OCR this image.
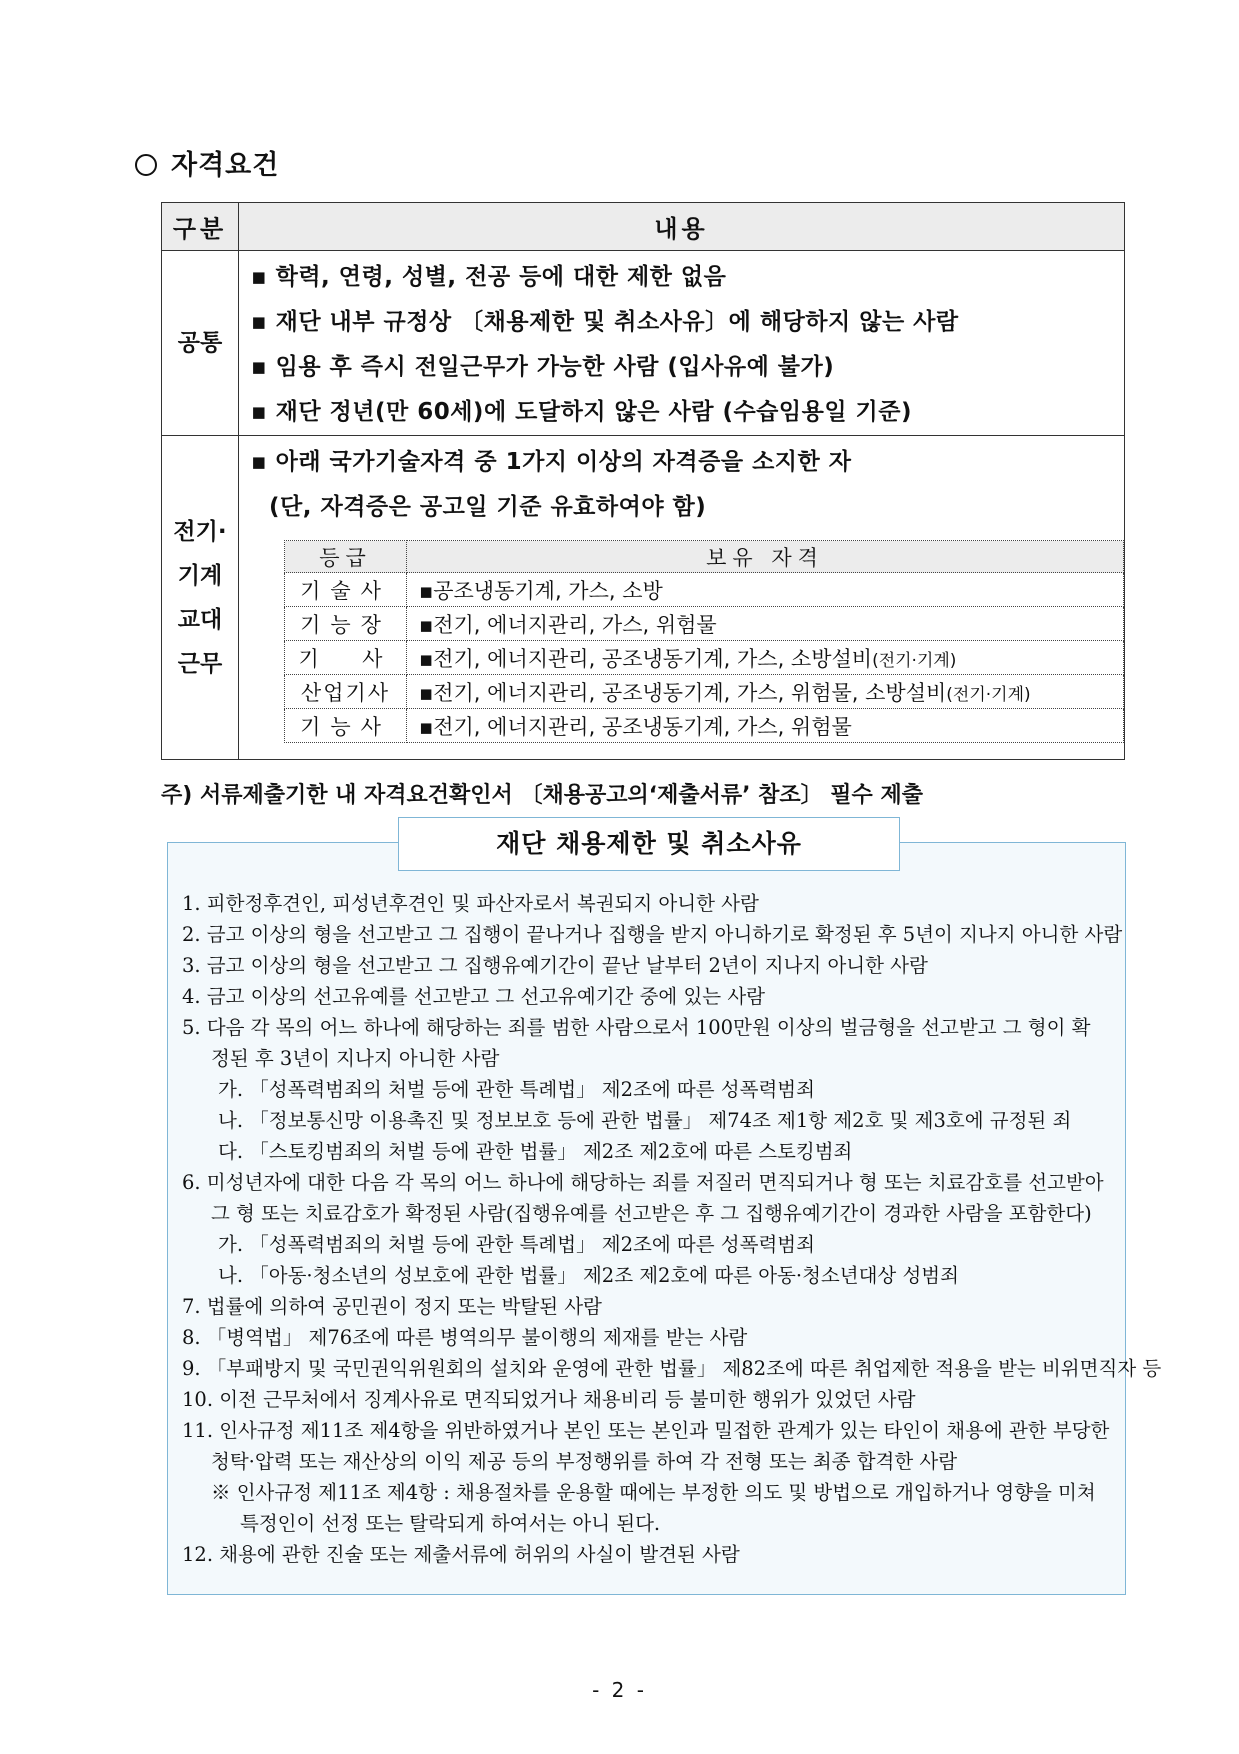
자격요건
구분	내용
공통	
▪ 학력, 연령, 성별, 전공 등에 대한 제한 없음
▪ 재단 내부 규정상 〔채용제한 및 취소사유〕에 해당하지 않는 사람
▪ 임용 후 즉시 전일근무가 가능한 사람 (입사유예 불가)
▪ 재단 정년(만 60세)에 도달하지 않은 사람 (수습임용일 기준)

전기·
기계
교대
근무

▪ 아래 국가기술자격 중 1가지 이상의 자격증을 소지한 자
(단, 자격증은 공고일 기준 유효하여야 함)
등급	보유 자격
기술사	▪공조냉동기계, 가스, 소방
기능장	▪전기, 에너지관리, 가스, 위험물
기  사	▪전기, 에너지관리, 공조냉동기계, 가스, 소방설비(전기·기계)
산업기사	▪전기, 에너지관리, 공조냉동기계, 가스, 위험물, 소방설비(전기·기계)
기능사	▪전기, 에너지관리, 공조냉동기계, 가스, 위험물
주) 서류제출기한 내 자격요건확인서 〔채용공고의‘제출서류’ 참조〕 필수 제출
재단 채용제한 및 취소사유
1. 피한정후견인, 피성년후견인 및 파산자로서 복권되지 아니한 사람
2. 금고 이상의 형을 선고받고 그 집행이 끝나거나 집행을 받지 아니하기로 확정된 후 5년이 지나지 아니한 사람
3. 금고 이상의 형을 선고받고 그 집행유예기간이 끝난 날부터 2년이 지나지 아니한 사람
4. 금고 이상의 선고유예를 선고받고 그 선고유예기간 중에 있는 사람
5. 다음 각 목의 어느 하나에 해당하는 죄를 범한 사람으로서 100만원 이상의 벌금형을 선고받고 그 형이 확
정된 후 3년이 지나지 아니한 사람
가. 「성폭력범죄의 처벌 등에 관한 특례법」 제2조에 따른 성폭력범죄
나. 「정보통신망 이용촉진 및 정보보호 등에 관한 법률」 제74조 제1항 제2호 및 제3호에 규정된 죄
다. 「스토킹범죄의 처벌 등에 관한 법률」 제2조 제2호에 따른 스토킹범죄
6. 미성년자에 대한 다음 각 목의 어느 하나에 해당하는 죄를 저질러 면직되거나 형 또는 치료감호를 선고받아
그 형 또는 치료감호가 확정된 사람(집행유예를 선고받은 후 그 집행유예기간이 경과한 사람을 포함한다)
가. 「성폭력범죄의 처벌 등에 관한 특례법」 제2조에 따른 성폭력범죄
나. 「아동·청소년의 성보호에 관한 법률」 제2조 제2호에 따른 아동·청소년대상 성범죄
7. 법률에 의하여 공민권이 정지 또는 박탈된 사람
8. 「병역법」 제76조에 따른 병역의무 불이행의 제재를 받는 사람
9. 「부패방지 및 국민권익위원회의 설치와 운영에 관한 법률」 제82조에 따른 취업제한 적용을 받는 비위면직자 등
10. 이전 근무처에서 징계사유로 면직되었거나 채용비리 등 불미한 행위가 있었던 사람
11. 인사규정 제11조 제4항을 위반하였거나 본인 또는 본인과 밀접한 관계가 있는 타인이 채용에 관한 부당한
청탁·압력 또는 재산상의 이익 제공 등의 부정행위를 하여 각 전형 또는 최종 합격한 사람
※ 인사규정 제11조 제4항 : 채용절차를 운용할 때에는 부정한 의도 및 방법으로 개입하거나 영향을 미쳐
특정인이 선정 또는 탈락되게 하여서는 아니 된다.
12. 채용에 관한 진술 또는 제출서류에 허위의 사실이 발견된 사람
- 2 -
